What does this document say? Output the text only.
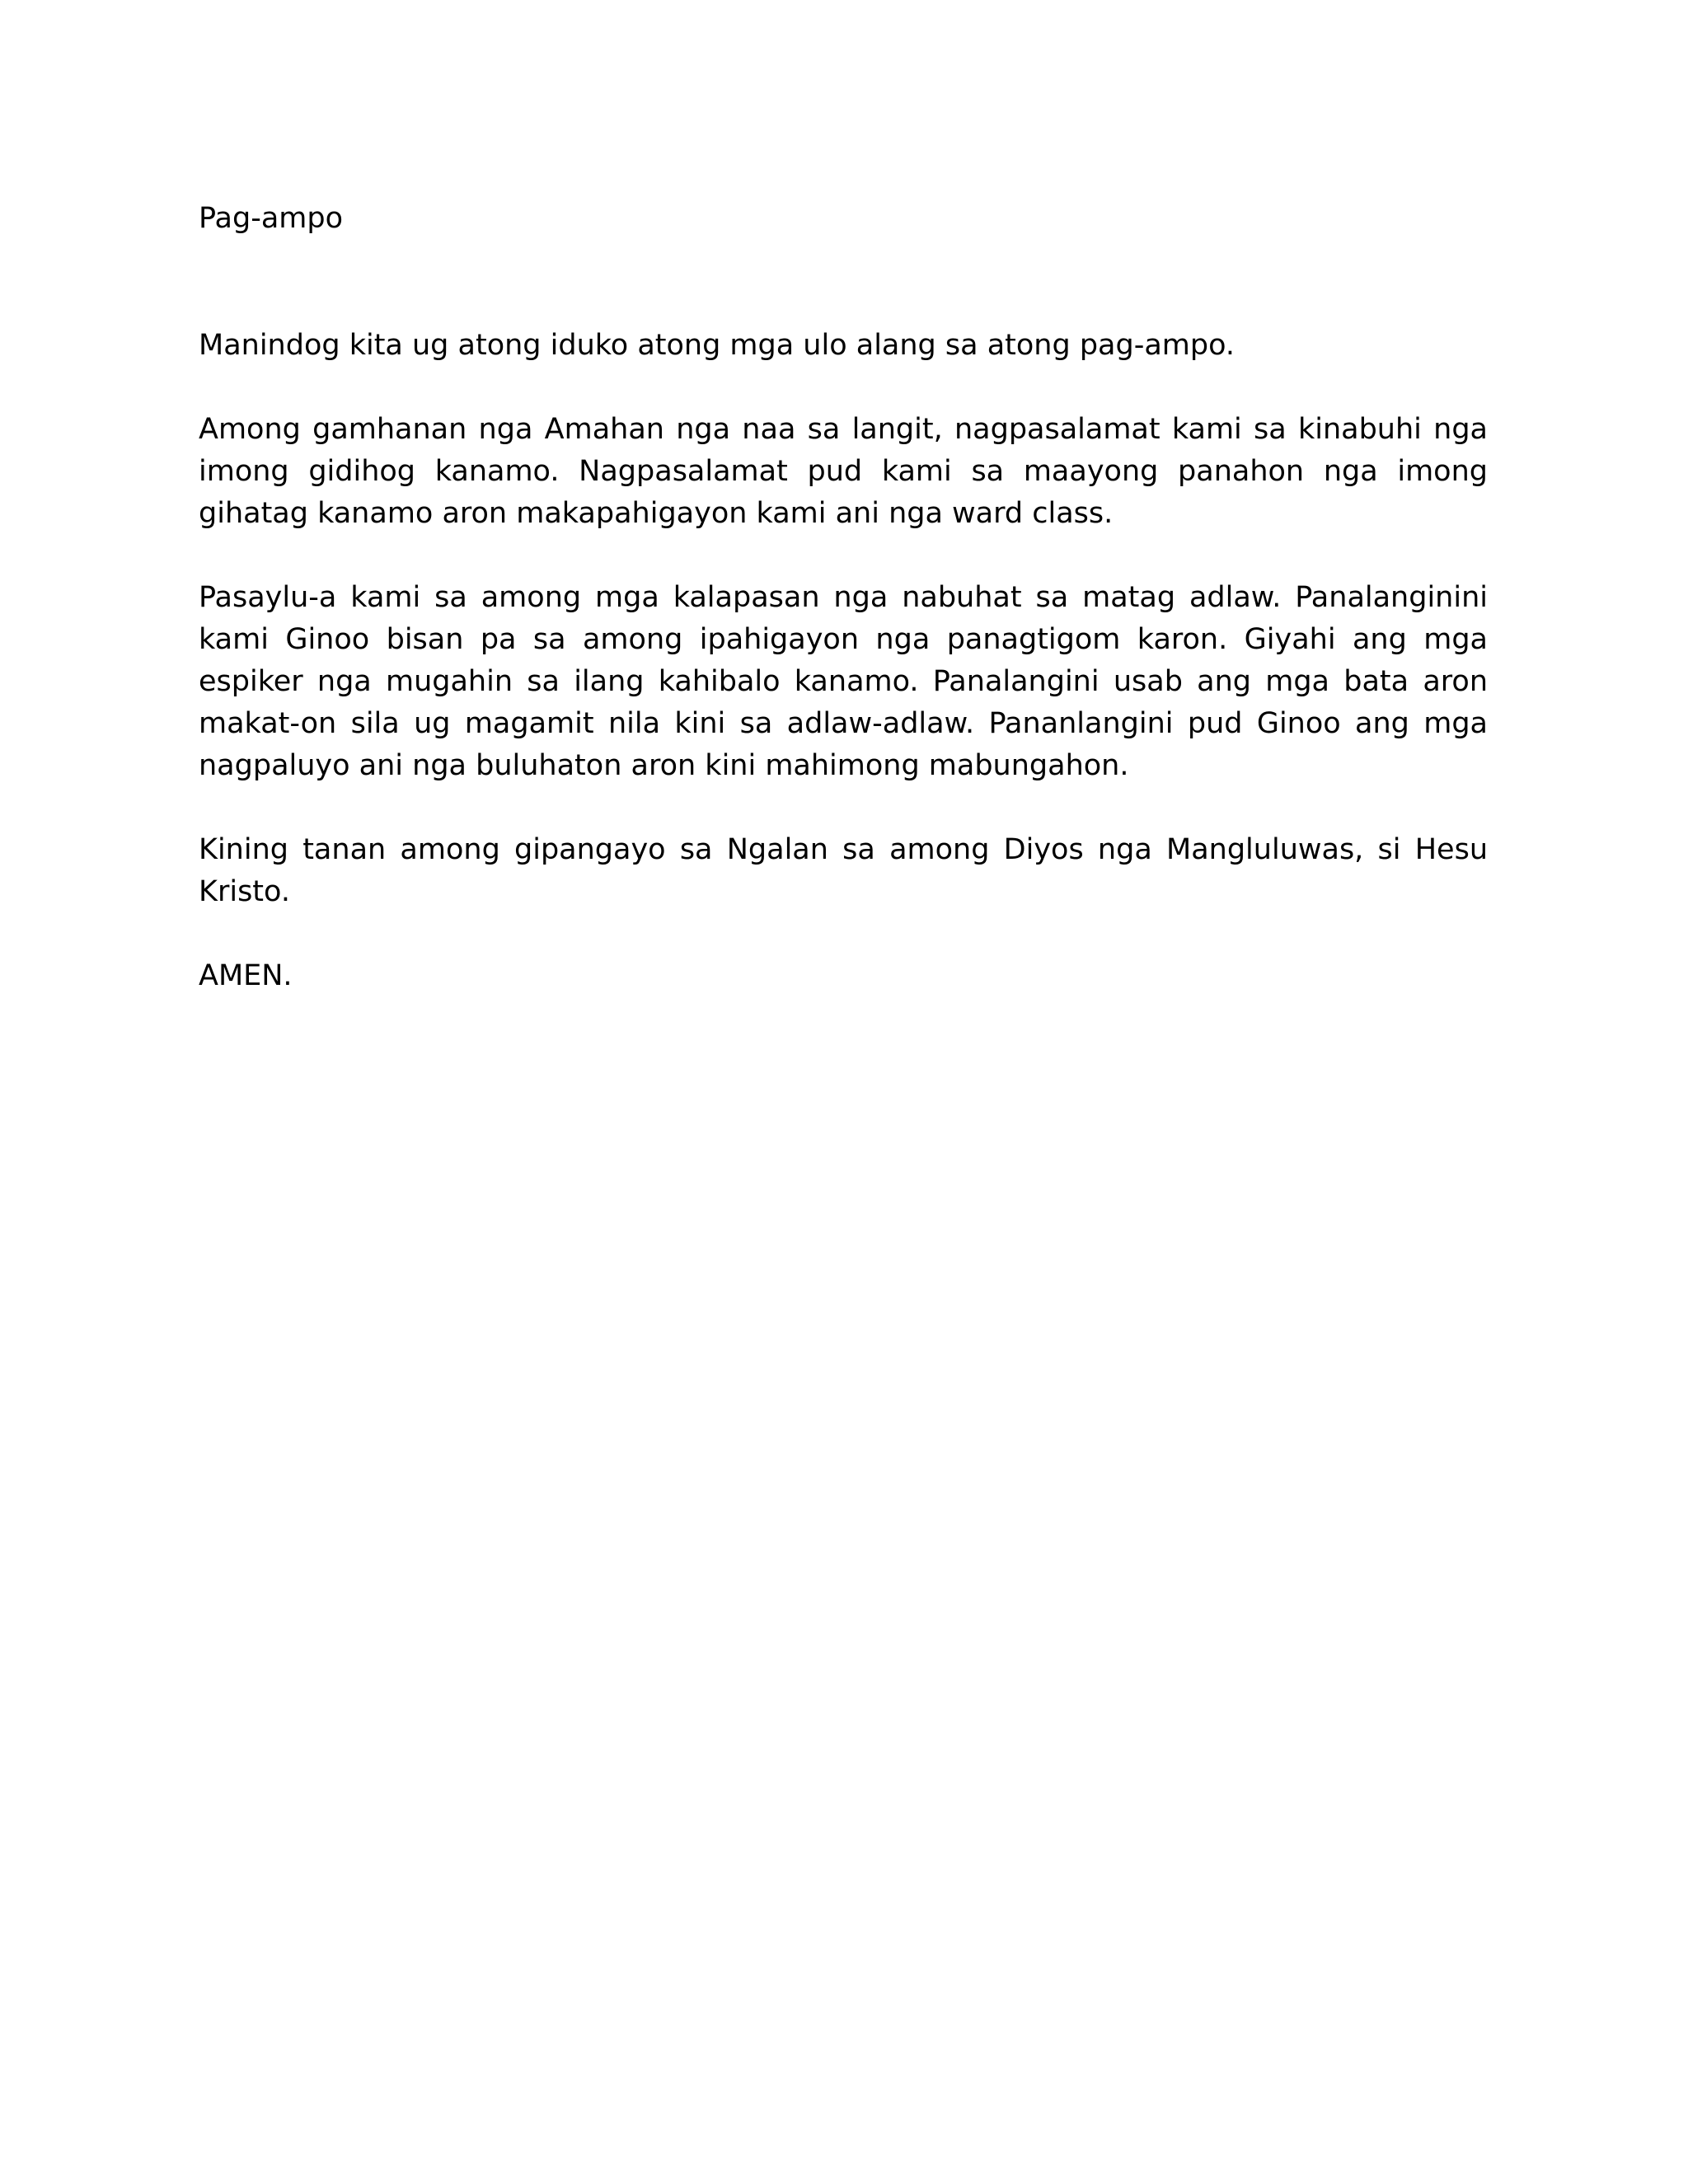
Pag-ampo

Manindog kita ug atong iduko atong mga ulo alang sa atong pag-ampo.

Among gamhanan nga Amahan nga naa sa langit, nagpasalamat kami sa kinabuhi nga imong gidihog kanamo. Nagpasalamat pud kami sa maayong panahon nga imong gihatag kanamo aron makapahigayon kami ani nga ward class.

Pasaylu-a kami sa among mga kalapasan nga nabuhat sa matag adlaw. Panalanginini kami Ginoo bisan pa sa among ipahigayon nga panagtigom karon. Giyahi ang mga espiker nga mugahin sa ilang kahibalo kanamo. Panalangini usab ang mga bata aron makat-on sila ug magamit nila kini sa adlaw-adlaw. Pananlangini pud Ginoo ang mga nagpaluyo ani nga buluhaton aron kini mahimong mabungahon.

Kining tanan among gipangayo sa Ngalan sa among Diyos nga Mangluluwas, si Hesu Kristo.

AMEN.
